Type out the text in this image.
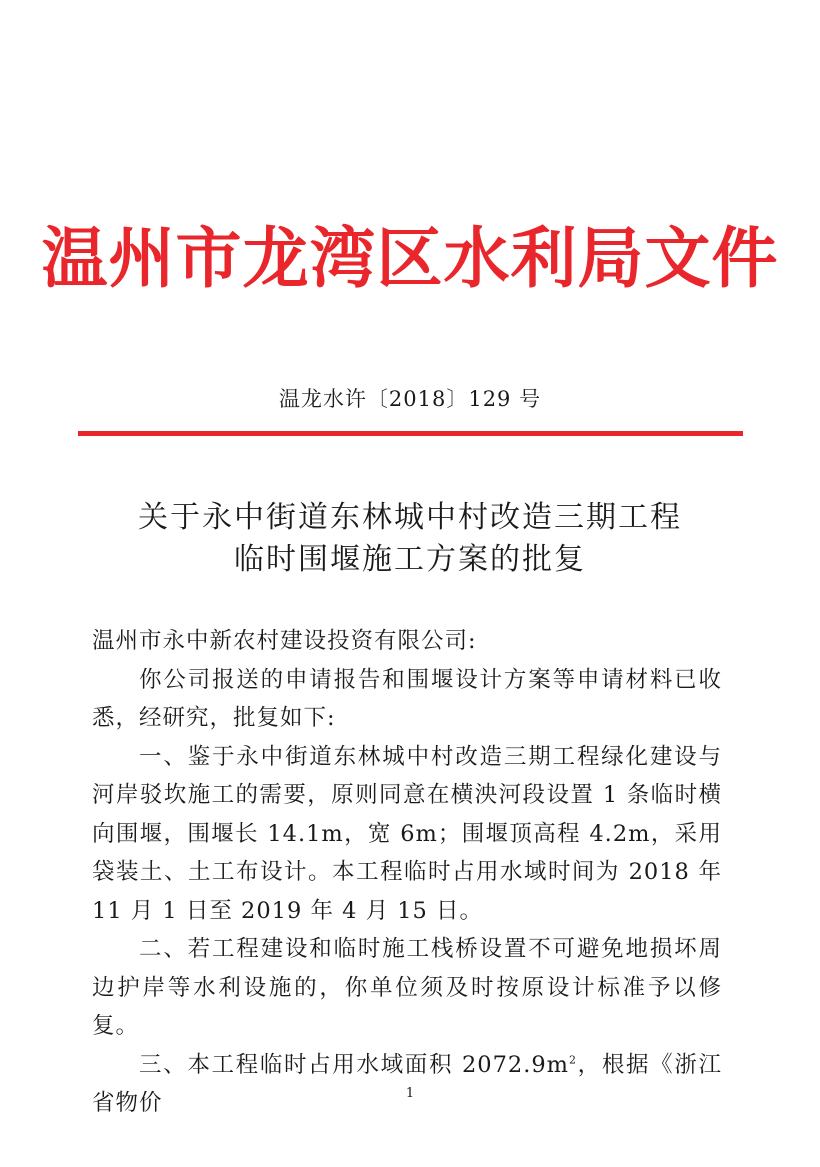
温州市龙湾区水利局文件
温龙水许〔2018〕129 号
关于永中街道东林城中村改造三期工程
临时围堰施工方案的批复

温州市永中新农村建设投资有限公司:

你公司报送的申请报告和围堰设计方案等申请材料已收悉，经研究，批复如下:

一、鉴于永中街道东林城中村改造三期工程绿化建设与河岸驳坎施工的需要，原则同意在横泱河段设置 1 条临时横向围堰，围堰长 14.1m，宽 6m；围堰顶高程 4.2m，采用袋装土、土工布设计。本工程临时占用水域时间为 2018 年 11 月 1 日至 2019 年 4 月 15 日。

二、若工程建设和临时施工栈桥设置不可避免地损坏周边护岸等水利设施的，你单位须及时按原设计标准予以修复。

三、本工程临时占用水域面积 $2072.9m^2$，根据《浙江省物价	1
